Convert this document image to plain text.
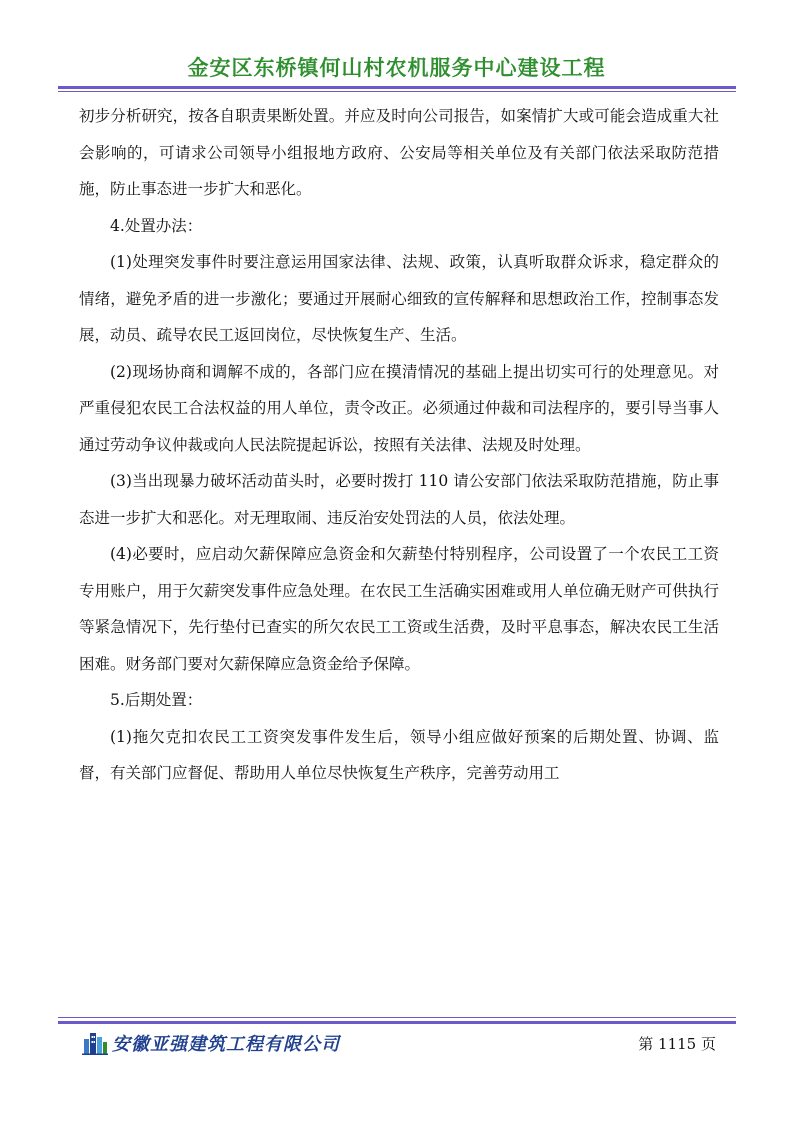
金安区东桥镇何山村农机服务中心建设工程

初步分析研究，按各自职责果断处置。并应及时向公司报告，如案情扩大或可能会造成重大社会影响的，可请求公司领导小组报地方政府、公安局等相关单位及有关部门依法采取防范措施，防止事态进一步扩大和恶化。

4.处置办法：

(1)处理突发事件时要注意运用国家法律、法规、政策，认真听取群众诉求，稳定群众的情绪，避免矛盾的进一步激化；要通过开展耐心细致的宣传解释和思想政治工作，控制事态发展，动员、疏导农民工返回岗位，尽快恢复生产、生活。

(2)现场协商和调解不成的，各部门应在摸清情况的基础上提出切实可行的处理意见。对严重侵犯农民工合法权益的用人单位，责令改正。必须通过仲裁和司法程序的，要引导当事人通过劳动争议仲裁或向人民法院提起诉讼，按照有关法律、法规及时处理。

(3)当出现暴力破坏活动苗头时，必要时拨打 110 请公安部门依法采取防范措施，防止事态进一步扩大和恶化。对无理取闹、违反治安处罚法的人员，依法处理。

(4)必要时，应启动欠薪保障应急资金和欠薪垫付特别程序，公司设置了一个农民工工资专用账户，用于欠薪突发事件应急处理。在农民工生活确实困难或用人单位确无财产可供执行等紧急情况下，先行垫付已查实的所欠农民工工资或生活费，及时平息事态，解决农民工生活困难。财务部门要对欠薪保障应急资金给予保障。

5.后期处置：

(1)拖欠克扣农民工工资突发事件发生后，领导小组应做好预案的后期处置、协调、监督，有关部门应督促、帮助用人单位尽快恢复生产秩序，完善劳动用工

安徽亚强建筑工程有限公司	第 1115 页
